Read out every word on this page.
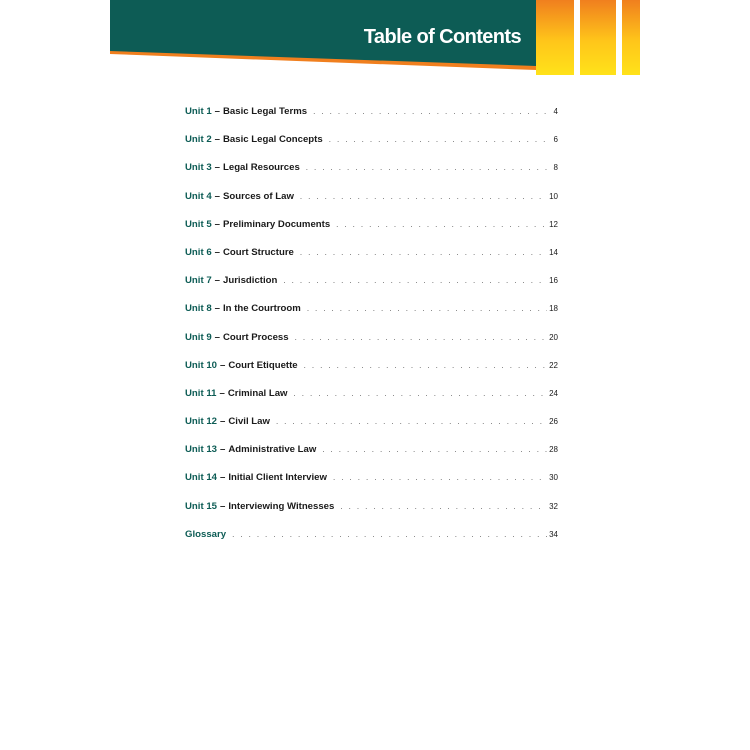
Table of Contents
Unit 1 – Basic Legal Terms . . .	4
Unit 2 – Basic Legal Concepts . . .	6
Unit 3 – Legal Resources . . .	8
Unit 4 – Sources of Law . . .	10
Unit 5 – Preliminary Documents . . .	12
Unit 6 – Court Structure . . .	14
Unit 7 – Jurisdiction . . .	16
Unit 8 – In the Courtroom . . .	18
Unit 9 – Court Process . . .	20
Unit 10 – Court Etiquette . . .	22
Unit 11 – Criminal Law . . .	24
Unit 12 – Civil Law . . .	26
Unit 13 – Administrative Law . . .	28
Unit 14 – Initial Client Interview . . .	30
Unit 15 – Interviewing Witnesses . . .	32
Glossary . . .	34
